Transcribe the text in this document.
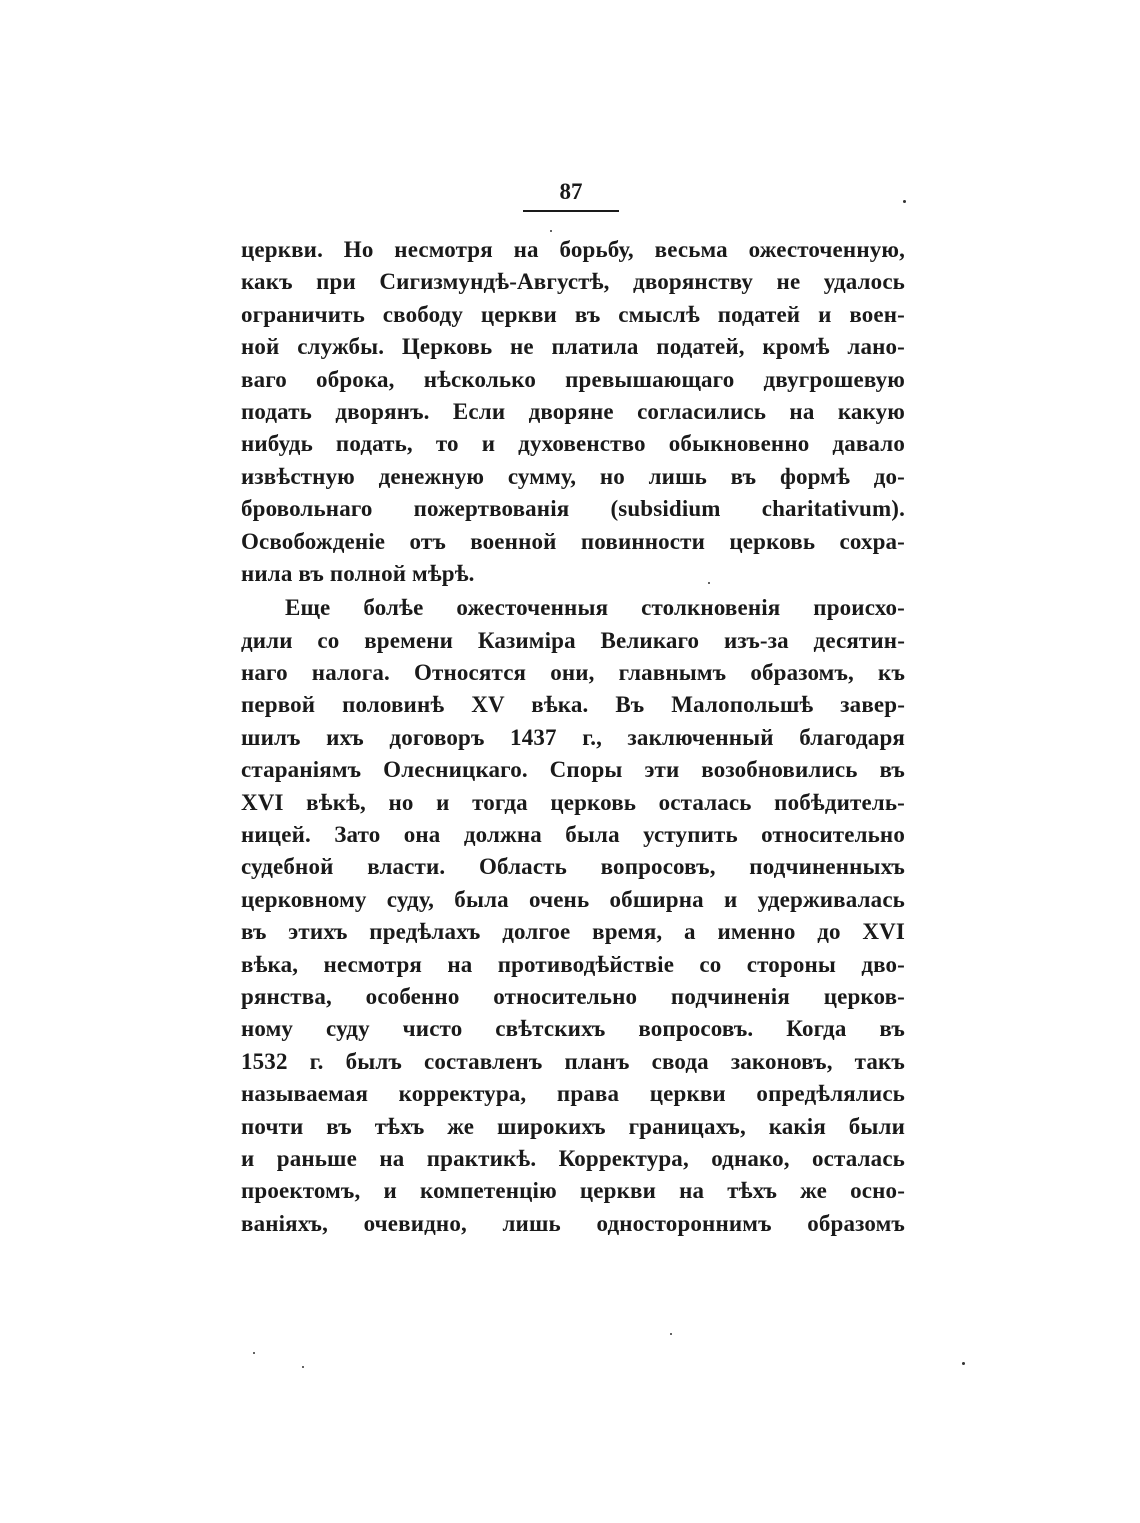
87
церкви. Но несмотря на борьбу, весьма ожесточенную,
какъ при Сигизмундѣ-Августѣ, дворянству не удалось
ограничить свободу церкви въ смыслѣ податей и воен-
ной службы. Церковь не платила податей, кромѣ лано-
ваго оброка, нѣсколько превышающаго двугрошевую
подать дворянъ. Если дворяне согласились на какую
нибудь подать, то и духовенство обыкновенно давало
извѣстную денежную сумму, но лишь въ формѣ до-
бровольнаго пожертвованія (subsidium charitativum).
Освобожденіе отъ военной повинности церковь сохра-
нила въ полной мѣрѣ.
Еще болѣе ожесточенныя столкновенія происхо-
дили со времени Казиміра Великаго изъ-за десятин-
наго налога. Относятся они, главнымъ образомъ, къ
первой половинѣ XV вѣка. Въ Малопольшѣ завер-
шилъ ихъ договоръ 1437 г., заключенный благодаря
стараніямъ Олесницкаго. Споры эти возобновились въ
XVI вѣкѣ, но и тогда церковь осталась побѣдитель-
ницей. Зато она должна была уступить относительно
судебной власти. Область вопросовъ, подчиненныхъ
церковному суду, была очень обширна и удерживалась
въ этихъ предѣлахъ долгое время, а именно до XVI
вѣка, несмотря на противодѣйствіе со стороны дво-
рянства, особенно относительно подчиненія церков-
ному суду чисто свѣтскихъ вопросовъ. Когда въ
1532 г. былъ составленъ планъ свода законовъ, такъ
называемая корректура, права церкви опредѣлялись
почти въ тѣхъ же широкихъ границахъ, какія были
и раньше на практикѣ. Корректура, однако, осталась
проектомъ, и компетенцію церкви на тѣхъ же осно-
ваніяхъ, очевидно, лишь одностороннимъ образомъ
